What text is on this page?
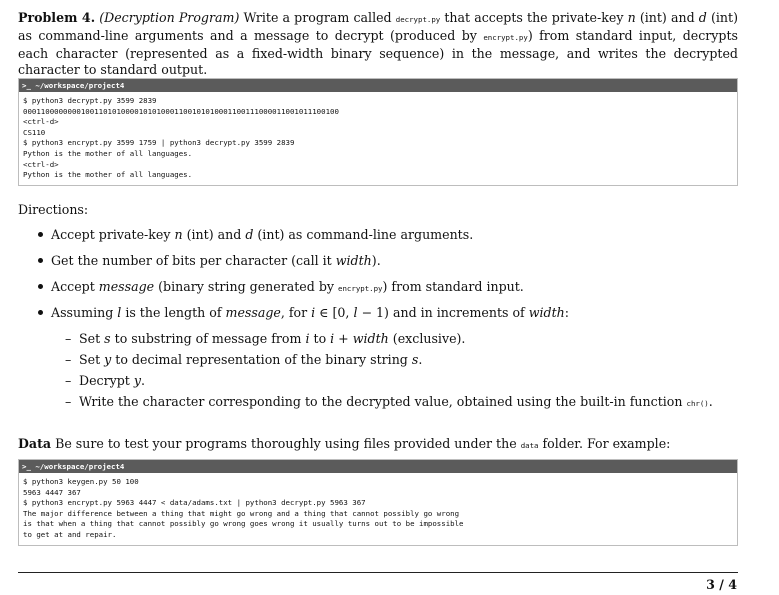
Problem 4. (Decryption Program) Write a program called decrypt.py that accepts the private-key n (int) and d (int) as command-line arguments and a message to decrypt (produced by encrypt.py) from standard input, decrypts each character (represented as a fixed-width binary sequence) in the message, and writes the decrypted character to standard output.

>_ ~/workspace/project4
$ python3 decrypt.py 3599 2839
00011000000001001101010000101010001100101010001100111000011001011100100
<ctrl-d>
CS110
$ python3 encrypt.py 3599 1759 | python3 decrypt.py 3599 2839
Python is the mother of all languages.
<ctrl-d>
Python is the mother of all languages.
Directions:
Accept private-key n (int) and d (int) as command-line arguments.
Get the number of bits per character (call it width).
Accept message (binary string generated by encrypt.py) from standard input.
Assuming l is the length of message, for i ∈ [0, l − 1) and in increments of width:
– Set s to substring of message from i to i + width (exclusive).
– Set y to decimal representation of the binary string s.
– Decrypt y.
– Write the character corresponding to the decrypted value, obtained using the built-in function chr().

Data Be sure to test your programs thoroughly using files provided under the data folder. For example:

>_ ~/workspace/project4
$ python3 keygen.py 50 100
5963 4447 367
$ python3 encrypt.py 5963 4447 < data/adams.txt | python3 decrypt.py 5963 367
The major difference between a thing that might go wrong and a thing that cannot possibly go wrong
is that when a thing that cannot possibly go wrong goes wrong it usually turns out to be impossible
to get at and repair.
3 / 4
